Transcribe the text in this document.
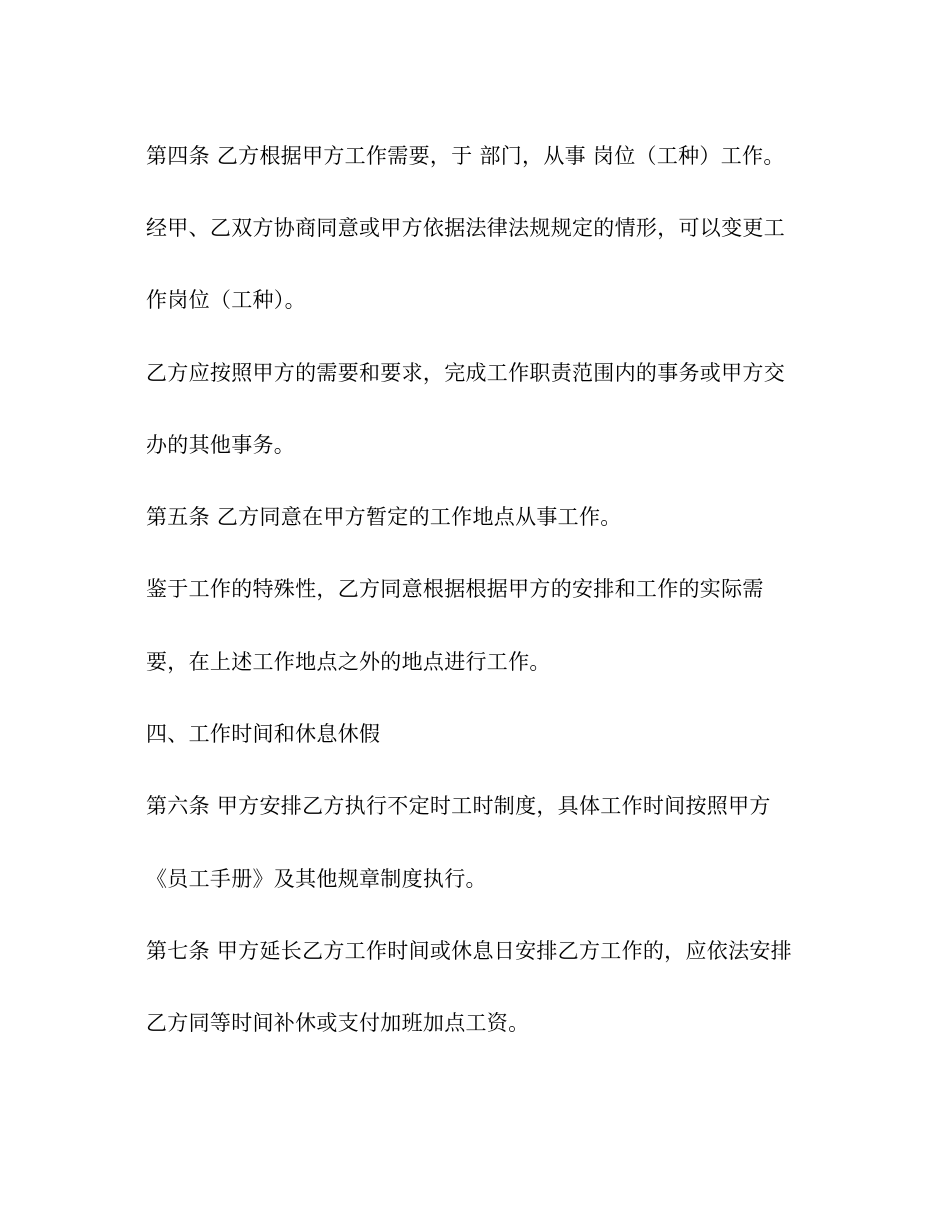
第四条 乙方根据甲方工作需要，于 部门，从事 岗位（工种）工作。
经甲、乙双方协商同意或甲方依据法律法规规定的情形，可以变更工
作岗位（工种）。
乙方应按照甲方的需要和要求，完成工作职责范围内的事务或甲方交
办的其他事务。
第五条 乙方同意在甲方暂定的工作地点从事工作。
鉴于工作的特殊性，乙方同意根据根据甲方的安排和工作的实际需
要，在上述工作地点之外的地点进行工作。
四、工作时间和休息休假
第六条 甲方安排乙方执行不定时工时制度，具体工作时间按照甲方
《员工手册》及其他规章制度执行。
第七条 甲方延长乙方工作时间或休息日安排乙方工作的，应依法安排
乙方同等时间补休或支付加班加点工资。
